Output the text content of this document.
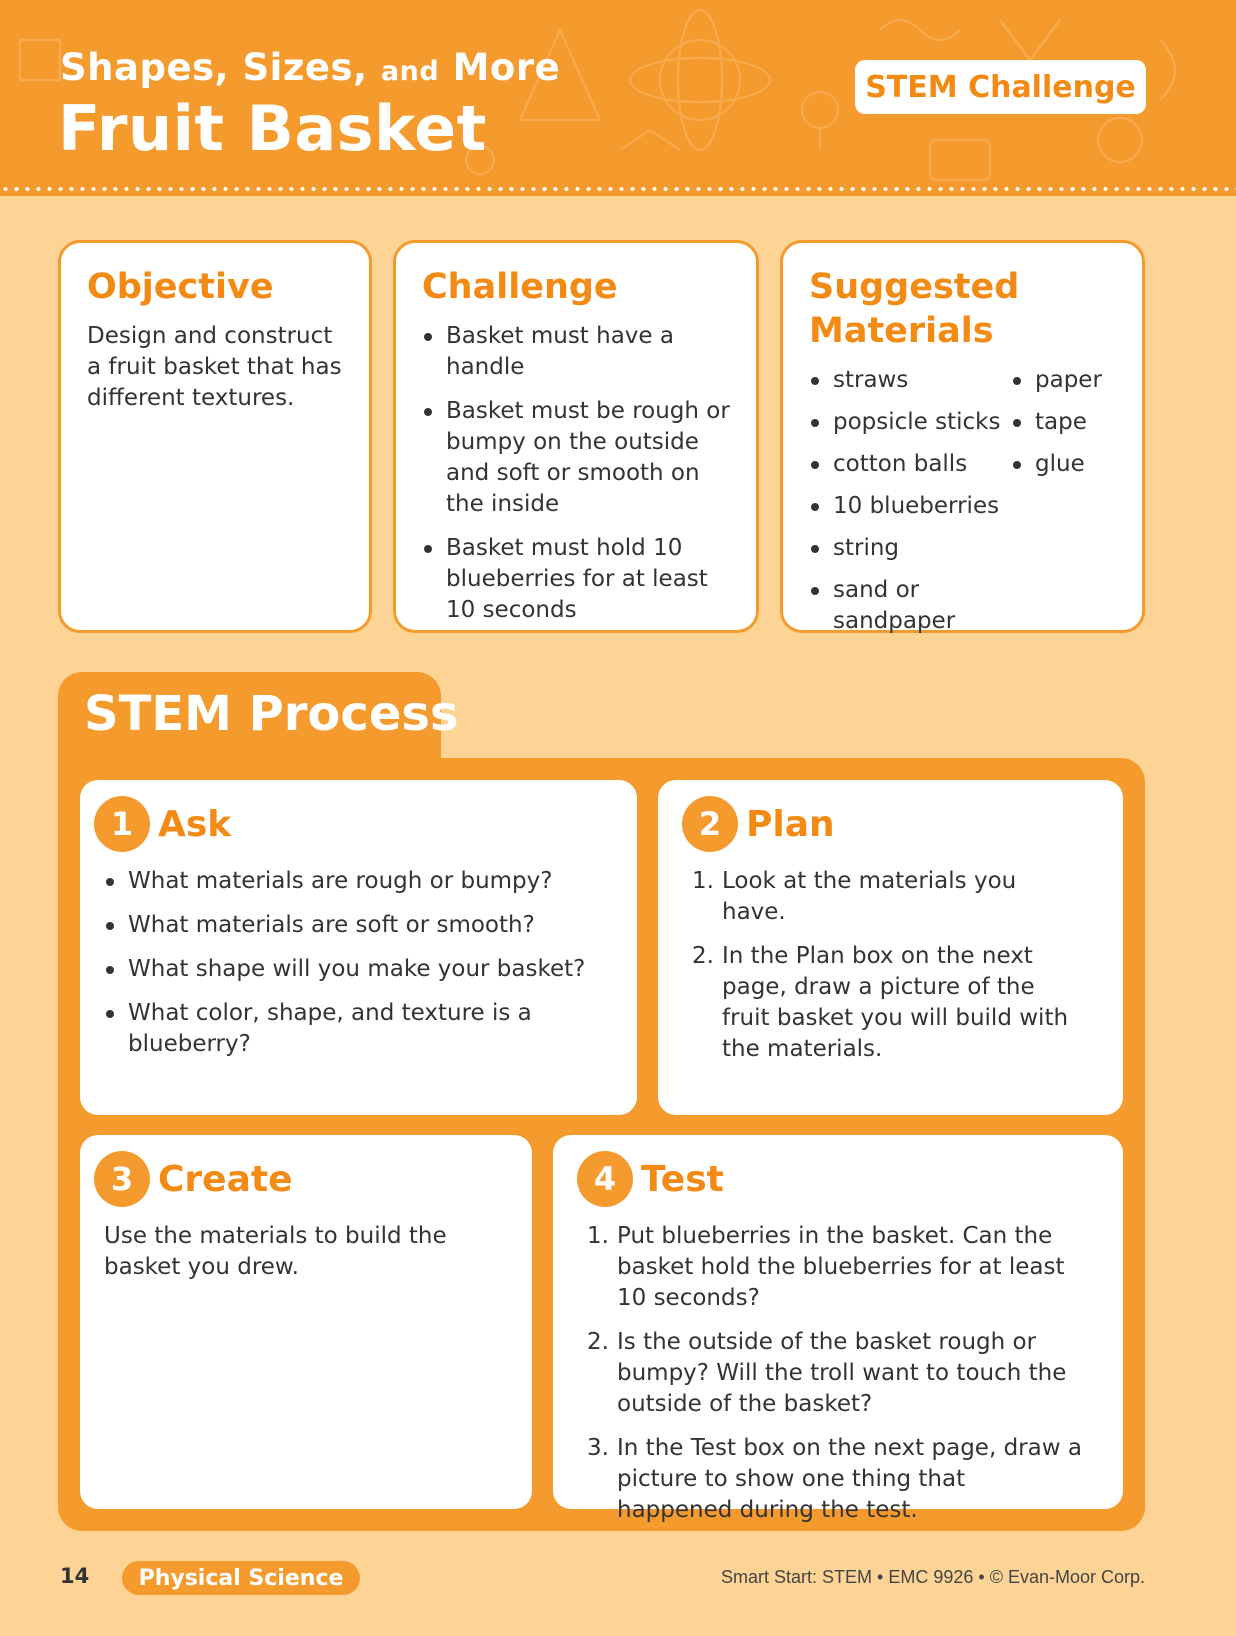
Shapes, Sizes, and More
Fruit Basket
STEM Challenge
Objective

Design and construct a fruit basket that has different textures.

Challenge
Basket must have a handle
Basket must be rough or bumpy on the outside and soft or smooth on the inside
Basket must hold 10 blueberries for at least 10 seconds
Suggested Materials
straws
popsicle sticks
cotton balls
10 blueberries
string
sand or sandpaper
paper
tape
glue
STEM Process
1 Ask
What materials are rough or bumpy?
What materials are soft or smooth?
What shape will you make your basket?
What color, shape, and texture is a blueberry?
2 Plan
1. Look at the materials you have.
2. In the Plan box on the next page, draw a picture of the fruit basket you will build with the materials.
3 Create

Use the materials to build the basket you drew.

4 Test
1. Put blueberries in the basket. Can the basket hold the blueberries for at least 10 seconds?
2. Is the outside of the basket rough or bumpy? Will the troll want to touch the outside of the basket?
3. In the Test box on the next page, draw a picture to show one thing that happened during the test.
14	Physical Science	Smart Start: STEM • EMC 9926 • © Evan-Moor Corp.
